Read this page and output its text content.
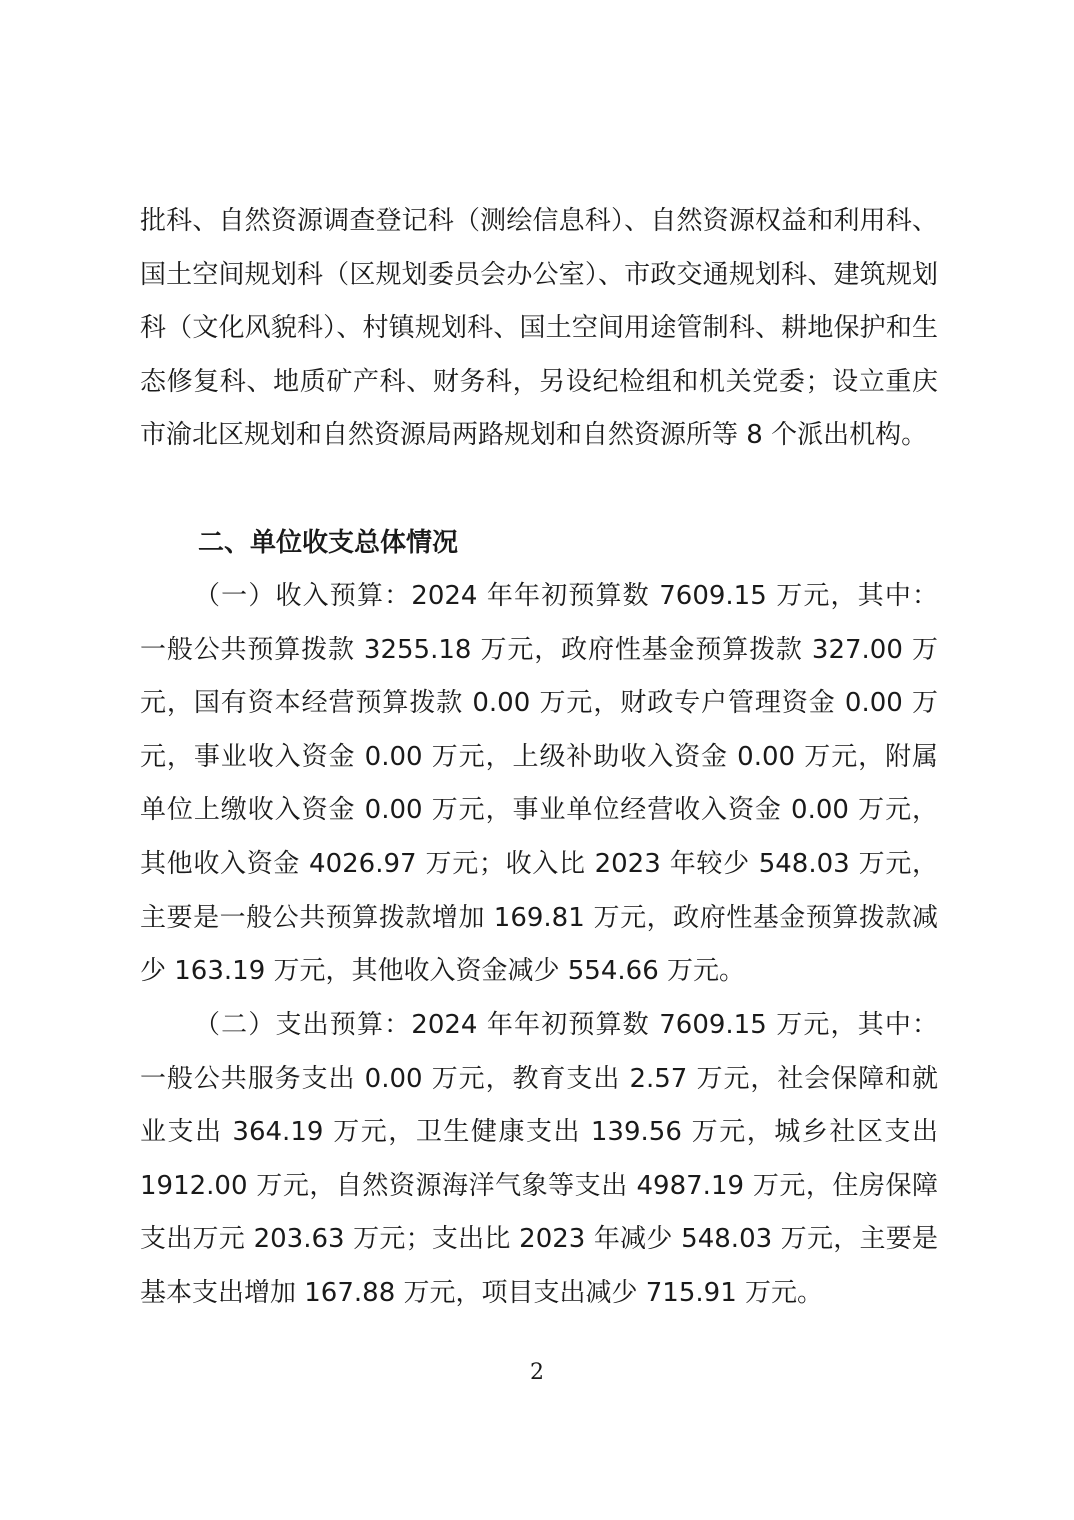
批科、自然资源调查登记科（测绘信息科）、自然资源权益和利用科、国土空间规划科（区规划委员会办公室）、市政交通规划科、建筑规划科（文化风貌科）、村镇规划科、国土空间用途管制科、耕地保护和生态修复科、地质矿产科、财务科，另设纪检组和机关党委；设立重庆市渝北区规划和自然资源局两路规划和自然资源所等 8 个派出机构。

二、单位收支总体情况

（一）收入预算：2024 年年初预算数 7609.15 万元，其中：一般公共预算拨款 3255.18 万元，政府性基金预算拨款 327.00 万元，国有资本经营预算拨款 0.00 万元，财政专户管理资金 0.00 万元，事业收入资金 0.00 万元，上级补助收入资金 0.00 万元，附属单位上缴收入资金 0.00 万元，事业单位经营收入资金 0.00 万元，其他收入资金 4026.97 万元；收入比 2023 年较少 548.03 万元，主要是一般公共预算拨款增加 169.81 万元，政府性基金预算拨款减少 163.19 万元，其他收入资金减少 554.66 万元。

（二）支出预算：2024 年年初预算数 7609.15 万元，其中：一般公共服务支出 0.00 万元，教育支出 2.57 万元，社会保障和就业支出 364.19 万元，卫生健康支出 139.56 万元，城乡社区支出 1912.00 万元，自然资源海洋气象等支出 4987.19 万元，住房保障支出万元 203.63 万元；支出比 2023 年减少 548.03 万元，主要是基本支出增加 167.88 万元，项目支出减少 715.91 万元。

2
